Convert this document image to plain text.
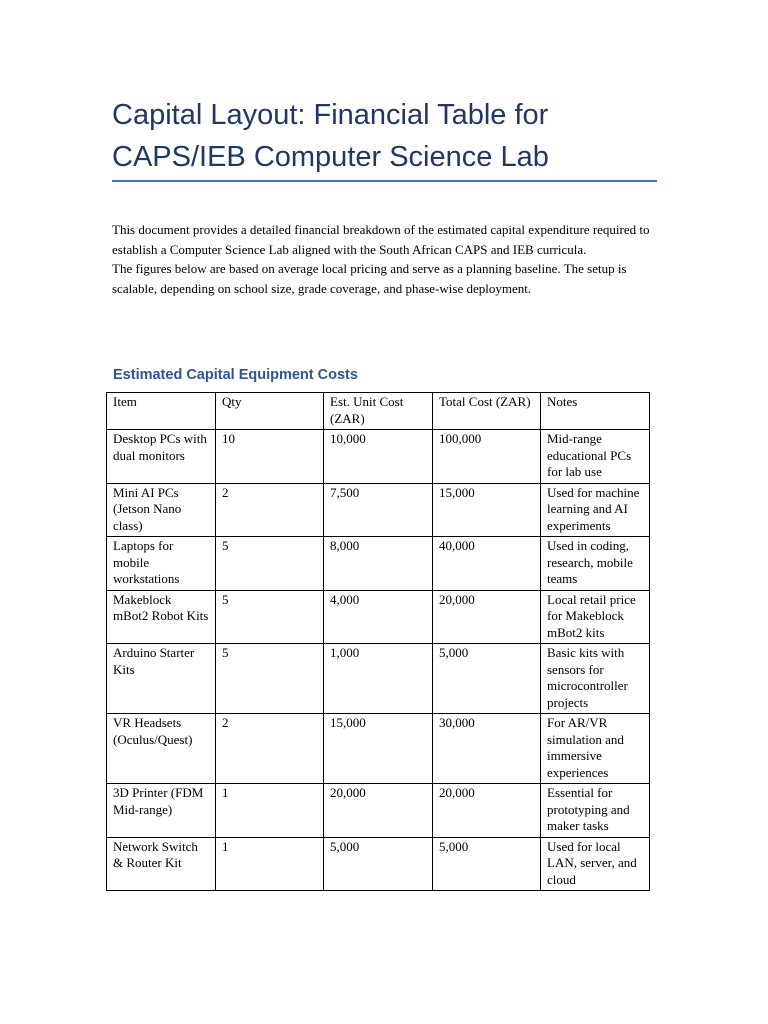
Capital Layout: Financial Table for CAPS/IEB Computer Science Lab

This document provides a detailed financial breakdown of the estimated capital expenditure required to establish a Computer Science Lab aligned with the South African CAPS and IEB curricula.

The figures below are based on average local pricing and serve as a planning baseline. The setup is scalable, depending on school size, grade coverage, and phase-wise deployment.

Estimated Capital Equipment Costs
Item	Qty	Est. Unit Cost (ZAR)	Total Cost (ZAR)	Notes
Desktop PCs with dual monitors	10	10,000	100,000	Mid-range educational PCs for lab use
Mini AI PCs (Jetson Nano class)	2	7,500	15,000	Used for machine learning and AI experiments
Laptops for mobile workstations	5	8,000	40,000	Used in coding, research, mobile teams
Makeblock mBot2 Robot Kits	5	4,000	20,000	Local retail price for Makeblock mBot2 kits
Arduino Starter Kits	5	1,000	5,000	Basic kits with sensors for microcontroller projects
VR Headsets (Oculus/Quest)	2	15,000	30,000	For AR/VR simulation and immersive experiences
3D Printer (FDM Mid-range)	1	20,000	20,000	Essential for prototyping and maker tasks
Network Switch & Router Kit	1	5,000	5,000	Used for local LAN, server, and cloud
